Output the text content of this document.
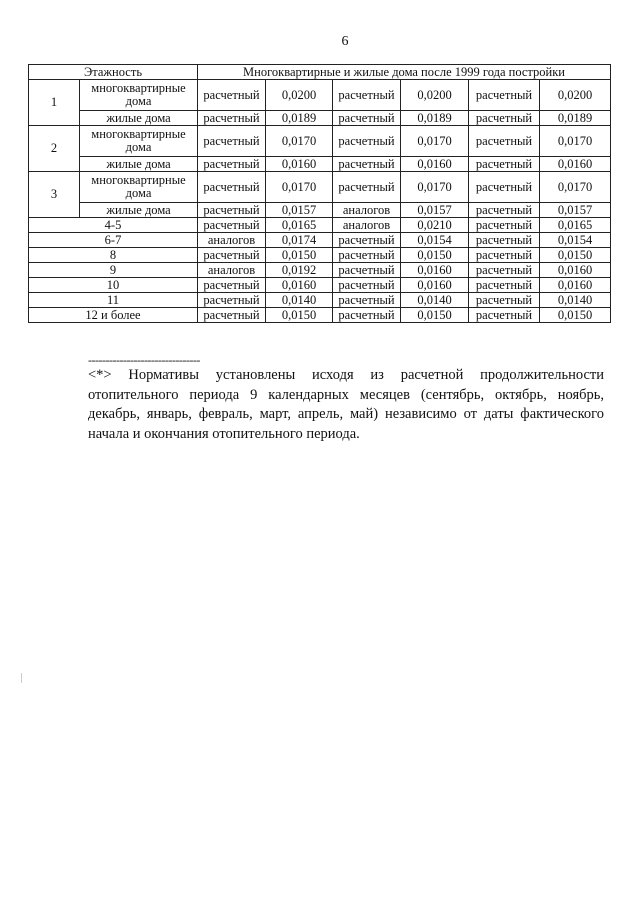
6
Этажность		Многоквартирные и жилые дома после 1999 года постройки					
1	многоквартирные дома	расчетный	0,0200	расчетный	0,0200	расчетный	0,0200
	жилые дома	расчетный	0,0189	расчетный	0,0189	расчетный	0,0189
2	многоквартирные дома	расчетный	0,0170	расчетный	0,0170	расчетный	0,0170
	жилые дома	расчетный	0,0160	расчетный	0,0160	расчетный	0,0160
3	многоквартирные дома	расчетный	0,0170	расчетный	0,0170	расчетный	0,0170
	жилые дома	расчетный	0,0157	аналогов	0,0157	расчетный	0,0157
4-5		расчетный	0,0165	аналогов	0,0210	расчетный	0,0165
6-7		аналогов	0,0174	расчетный	0,0154	расчетный	0,0154
8		расчетный	0,0150	расчетный	0,0150	расчетный	0,0150
9		аналогов	0,0192	расчетный	0,0160	расчетный	0,0160
10		расчетный	0,0160	расчетный	0,0160	расчетный	0,0160
11		расчетный	0,0140	расчетный	0,0140	расчетный	0,0140
12 и более		расчетный	0,0150	расчетный	0,0150	расчетный	0,0150
--------------------------------
<*> Нормативы установлены исходя из расчетной продолжительности отопительного периода 9 календарных месяцев (сентябрь, октябрь, ноябрь, декабрь, январь, февраль, март, апрель, май) независимо от даты фактического начала и окончания отопительного периода.
